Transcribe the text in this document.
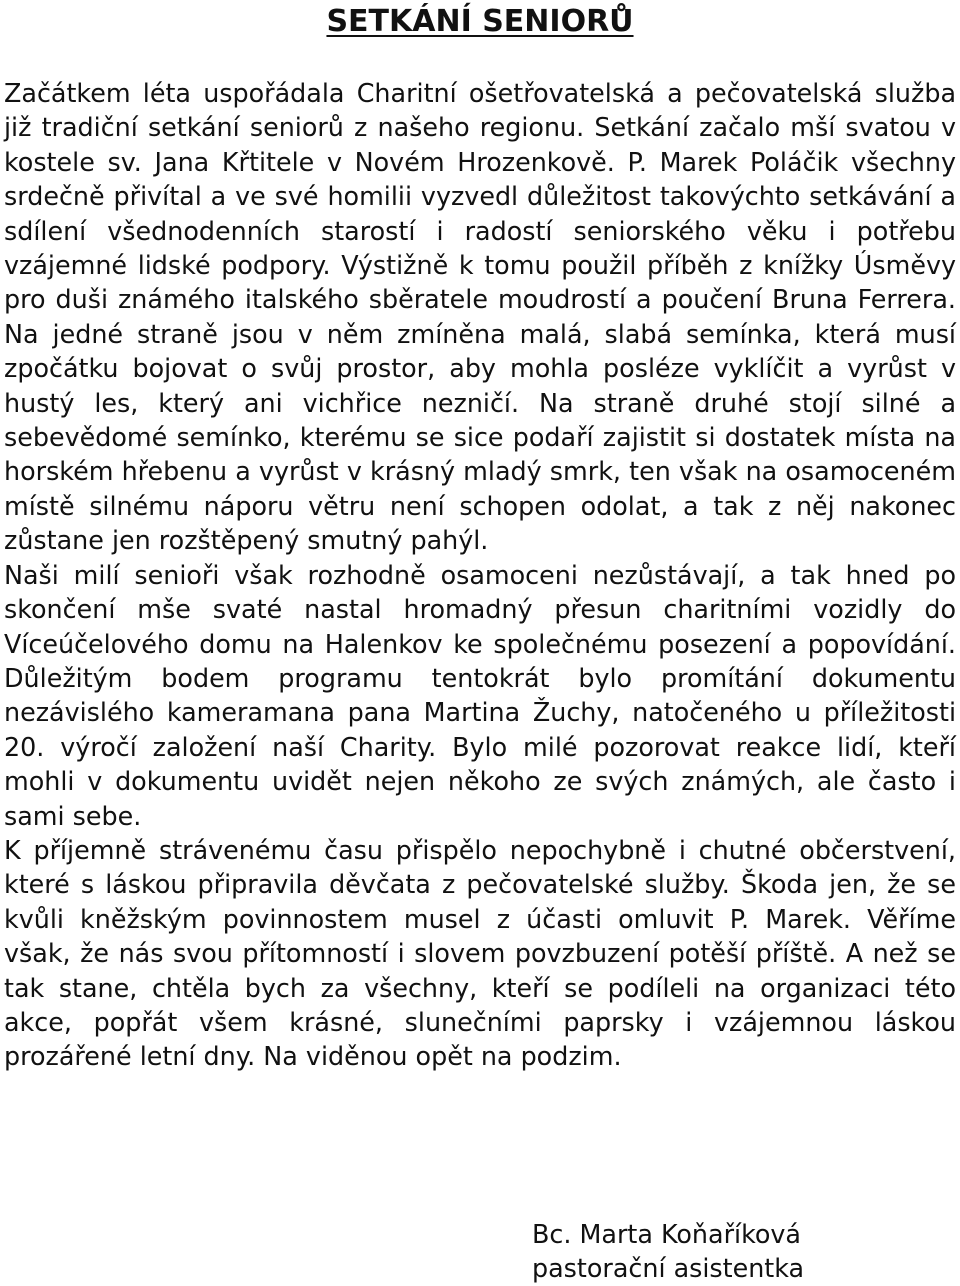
SETKÁNÍ SENIORŮ

Začátkem léta uspořádala Charitní ošetřovatelská a pečovatelská služba již tradiční setkání seniorů z našeho regionu. Setkání začalo mší svatou v kostele sv. Jana Křtitele v Novém Hrozenkově. P. Marek Poláčik všechny srdečně přivítal a ve své homilii vyzvedl důležitost takovýchto setkávání a sdílení všednodenních starostí i radostí seniorského věku i potřebu vzájemné lidské podpory. Výstižně k tomu použil příběh z knížky Úsměvy pro duši známého italského sběratele moudrostí a poučení Bruna Ferrera. Na jedné straně jsou v něm zmíněna malá, slabá semínka, která musí zpočátku bojovat o svůj prostor, aby mohla posléze vyklíčit a vyrůst v hustý les, který ani vichřice nezničí. Na straně druhé stojí silné a sebevědomé semínko, kterému se sice podaří zajistit si dostatek místa na horském hřebenu a vyrůst v krásný mladý smrk, ten však na osamoceném místě silnému náporu větru není schopen odolat, a tak z něj nakonec zůstane jen rozštěpený smutný pahýl.

Naši milí senioři však rozhodně osamoceni nezůstávají, a tak hned po skončení mše svaté nastal hromadný přesun charitními vozidly do Víceúčelového domu na Halenkov ke společnému posezení a popovídání. Důležitým bodem programu tentokrát bylo promítání dokumentu nezávislého kameramana pana Martina Žuchy, natočeného u příležitosti 20. výročí založení naší Charity. Bylo milé pozorovat reakce lidí, kteří mohli v dokumentu uvidět nejen někoho ze svých známých, ale často i sami sebe.

K příjemně strávenému času přispělo nepochybně i chutné občerstvení, které s láskou připravila děvčata z pečovatelské služby. Škoda jen, že se kvůli kněžským povinnostem musel z účasti omluvit P. Marek. Věříme však, že nás svou přítomností i slovem povzbuzení potěší příště. A než se tak stane, chtěla bych za všechny, kteří se podíleli na organizaci této akce, popřát všem krásné, slunečními paprsky i vzájemnou láskou prozářené letní dny. Na viděnou opět na podzim.

Bc. Marta Koňaříková
pastorační asistentka
